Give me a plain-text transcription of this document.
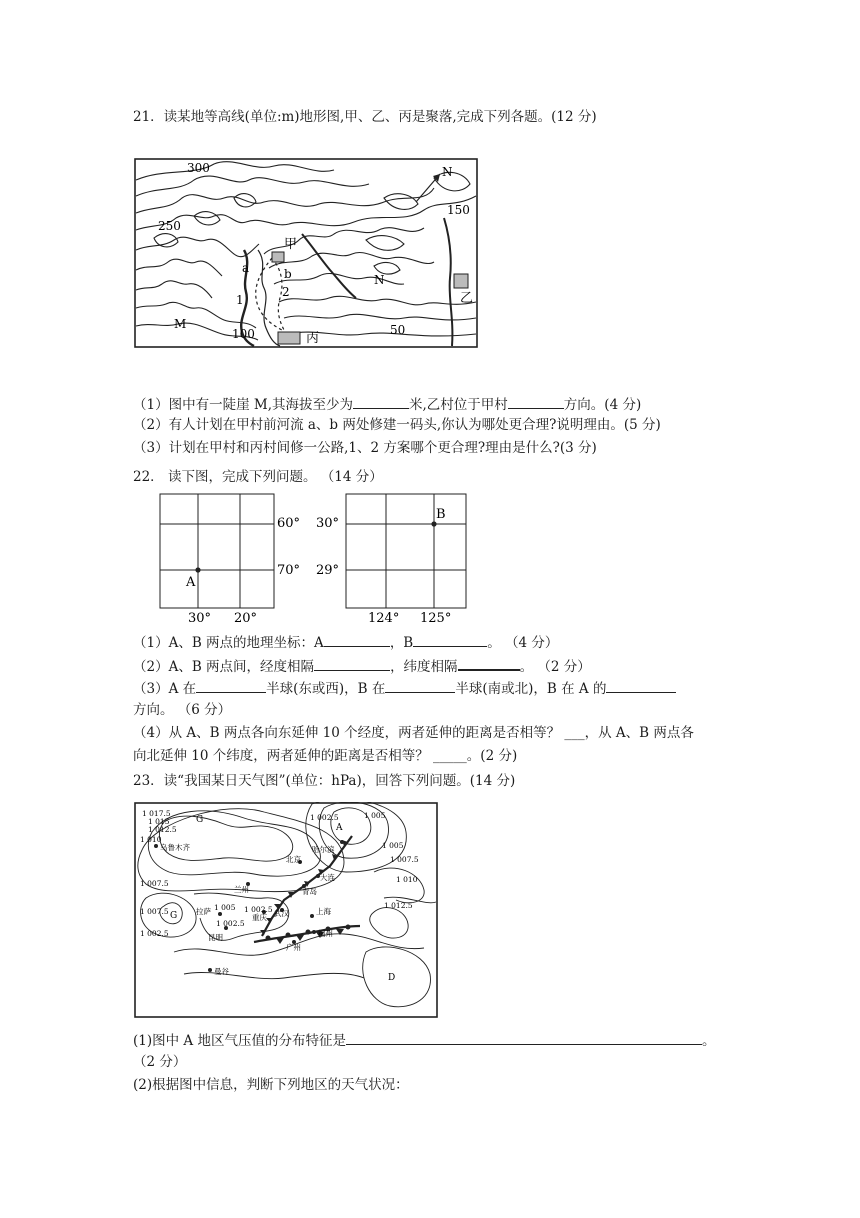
21．读某地等高线(单位:m)地形图,甲、乙、丙是聚落,完成下列各题。(12 分)
300
250
150
100	50
N
N
甲
乙
丙
a	b
1
2
M
（1）图中有一陡崖 M,其海拔至少为	米,乙村位于甲村	方向。(4 分)
（2）有人计划在甲村前河流 a、b 两处修建一码头,你认为哪处更合理?说明理由。(5 分)
（3）计划在甲村和丙村间修一公路,1、2 方案哪个更合理?理由是什么?(3 分)
22． 读下图，完成下列问题。 （14 分）
60°
70°
30° 20°
A
30°
29°
124° 125°
B
（1）A、B 两点的地理坐标：A	，B	。 （4 分）
（2）A、B 两点间，经度相隔	，纬度相隔	。 （2 分）
（3）A 在	半球(东或西)，B 在	半球(南或北)，B 在 A 的
方向。 （6 分）
（4）从 A、B 两点各向东延伸 10 个经度，两者延伸的距离是否相等？ ___，从 A、B 两点各
向北延伸 10 个纬度，两者延伸的距离是否相等？ _____。(2 分)
23．读“我国某日天气图”(单位：hPa)，回答下列问题。(14 分)
1 017.5
1 015
1 012.5
1 010
1 002.5	1 005
1 005
1 007.5
1 010
1 007.5
1 012.5
1 007.5
1 002.5
1 005 1 002.5
1 002.5
A
G
G
D
乌鲁木齐	哈尔滨
北京
大连
兰州	青岛
拉萨
重庆 武汉	上海
福州
昆明
广州
曼谷
(1)图中 A 地区气压值的分布特征是	。
（2 分）
(2)根据图中信息，判断下列地区的天气状况：
